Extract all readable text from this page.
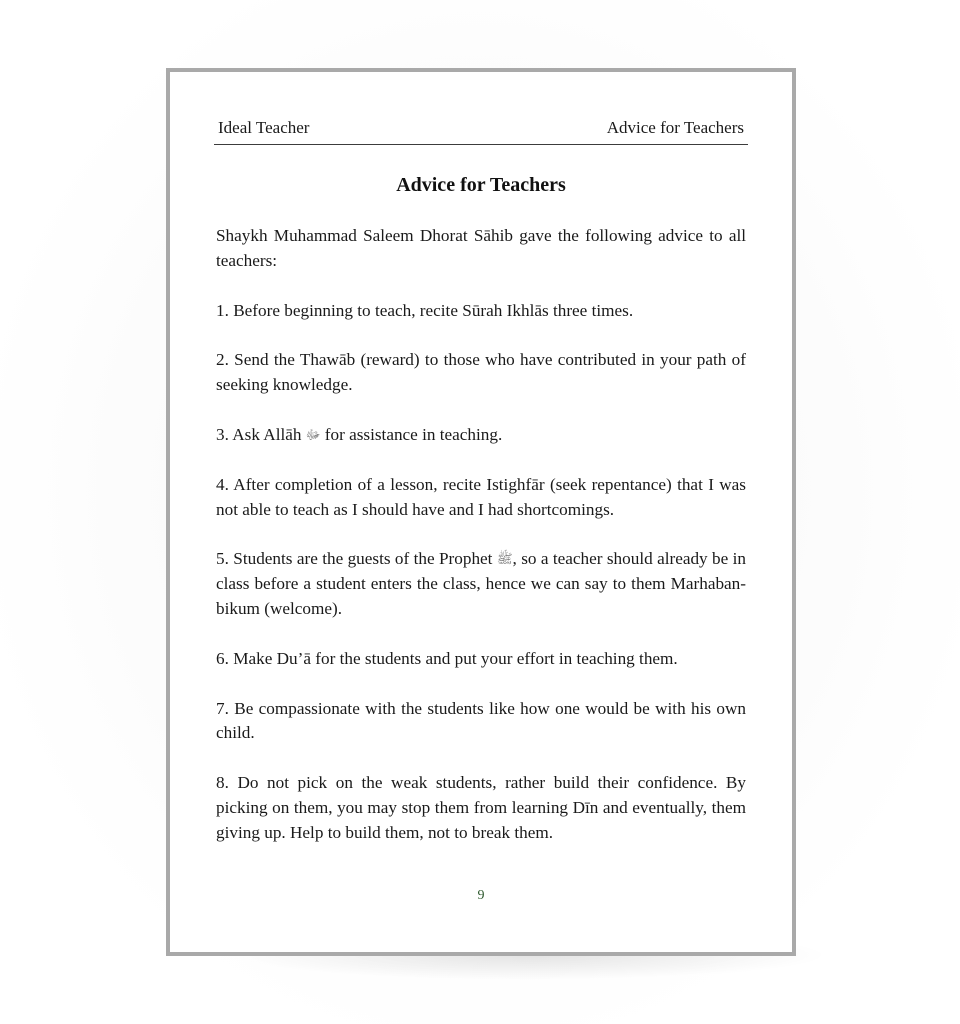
Ideal Teacher	Advice for Teachers
Advice for Teachers

Shaykh Muhammad Saleem Dhorat Sāhib gave the following advice to all teachers:

1. Before beginning to teach, recite Sūrah Ikhlās three times.

2. Send the Thawāb (reward) to those who have contributed in your path of seeking knowledge.

3. Ask Allāh ﷻ for assistance in teaching.

4. After completion of a lesson, recite Istighfār (seek repentance) that I was not able to teach as I should have and I had shortcomings.

5. Students are the guests of the Prophet ﷺ, so a teacher should already be in class before a student enters the class, hence we can say to them Marhaban-bikum (welcome).

6. Make Du’ā for the students and put your effort in teaching them.

7. Be compassionate with the students like how one would be with his own child.

8. Do not pick on the weak students, rather build their confidence. By picking on them, you may stop them from learning Dīn and eventually, them giving up. Help to build them, not to break them.

9
